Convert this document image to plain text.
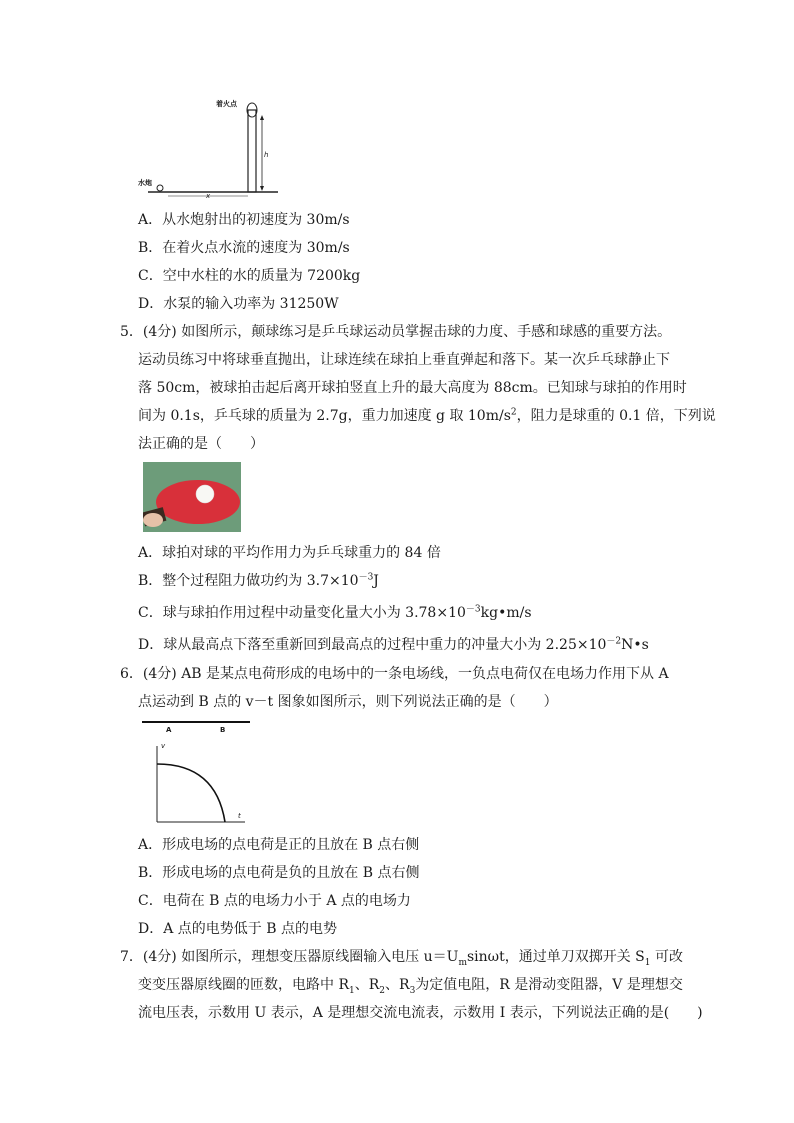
着火点
水炮
h
x
A．从水炮射出的初速度为 30m/s
B．在着火点水流的速度为 30m/s
C．空中水柱的水的质量为 7200kg
D．水泵的输入功率为 31250W
5．(4分) 如图所示，颠球练习是乒乓球运动员掌握击球的力度、手感和球感的重要方法。
运动员练习中将球垂直抛出，让球连续在球拍上垂直弹起和落下。某一次乒乓球静止下
落 50cm，被球拍击起后离开球拍竖直上升的最大高度为 88cm。已知球与球拍的作用时
间为 0.1s，乒乓球的质量为 2.7g，重力加速度 g 取 $10m/s^2$，阻力是球重的 0.1 倍，下列说
法正确的是（　　）
A．球拍对球的平均作用力为乒乓球重力的 84 倍
B．整个过程阻力做功约为 $3.7\times 10^{-3}J$
C．球与球拍作用过程中动量变化量大小为 $3.78\times 10^{-3}kg•m/s$
D．球从最高点下落至重新回到最高点的过程中重力的冲量大小为 $2.25\times 10^{-2}N•s$
6．(4分) AB 是某点电荷形成的电场中的一条电场线，一负点电荷仅在电场力作用下从 A
点运动到 B 点的 v－t 图象如图所示，则下列说法正确的是（　　）
A	B
v
t
A．形成电场的点电荷是正的且放在 B 点右侧
B．形成电场的点电荷是负的且放在 B 点右侧
C．电荷在 B 点的电场力小于 A 点的电场力
D．A 点的电势低于 B 点的电势
7．(4分) 如图所示，理想变压器原线圈输入电压 $u=U_m\sin\omega t$，通过单刀双掷开关 $S_1$ 可改
变变压器原线圈的匝数，电路中 $R_1$、$R_2$、$R_3$为定值电阻，R 是滑动变阻器，V 是理想交
流电压表，示数用 U 表示，A 是理想交流电流表，示数用 I 表示，下列说法正确的是(　　)
